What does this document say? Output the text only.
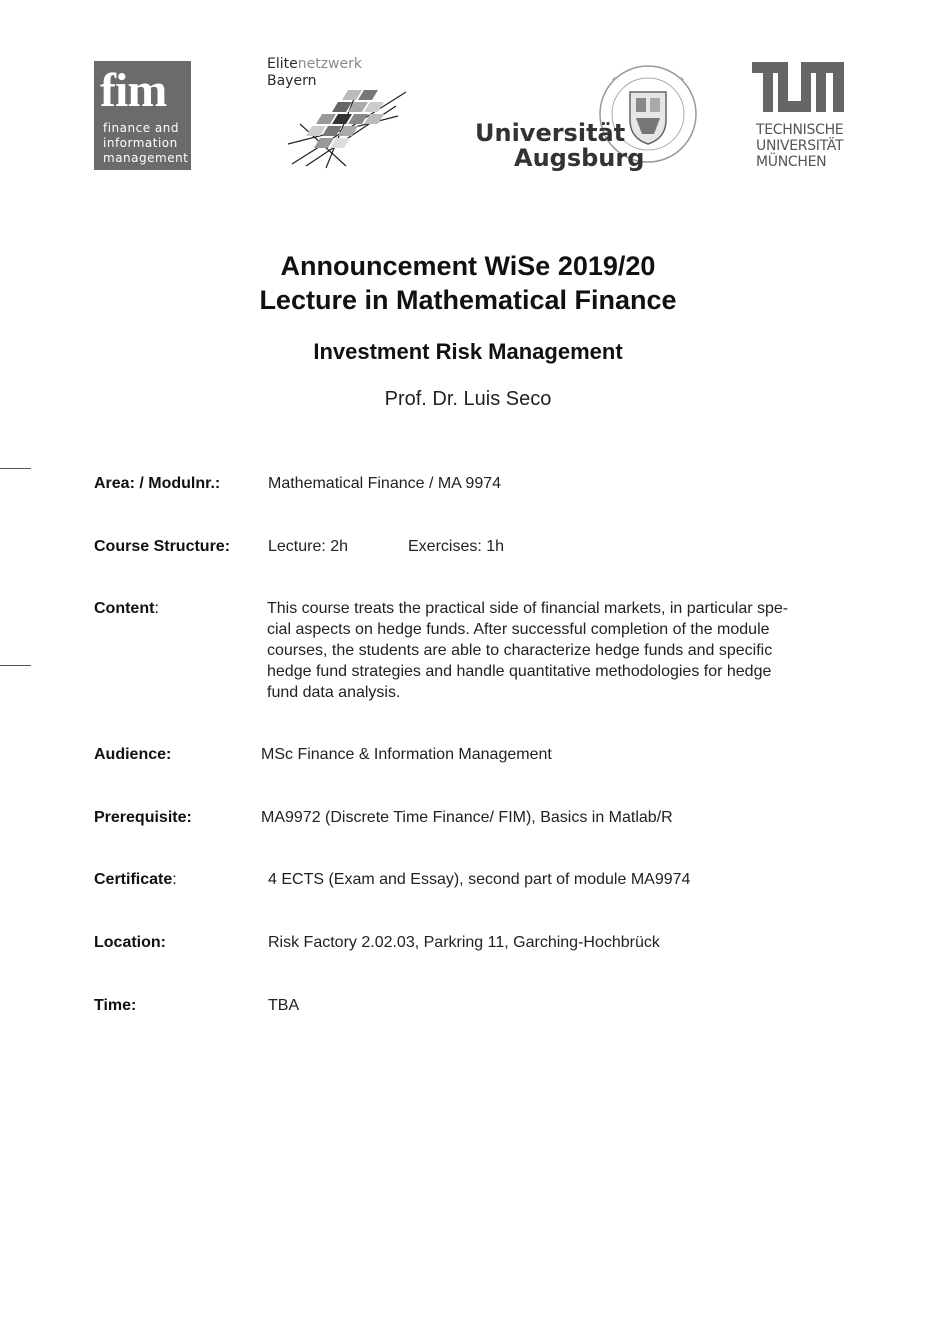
fim
finance and
information
management
Elitenetzwerk
Bayern
Universität
Augsburg
TECHNISCHE
UNIVERSITÄT
MÜNCHEN
Announcement WiSe 2019/20
Lecture in Mathematical Finance
Investment Risk Management
Prof. Dr. Luis Seco
Area: / Modulnr.:	Mathematical Finance / MA 9974
Course Structure: Lecture: 2h	Exercises: 1h
Content:	This course treats the practical side of financial markets, in particular spe-
cial aspects on hedge funds. After successful completion of the module
courses, the students are able to characterize hedge funds and specific
hedge fund strategies and handle quantitative methodologies for hedge
fund data analysis.
Audience:	MSc Finance & Information Management
Prerequisite:	MA9972 (Discrete Time Finance/ FIM), Basics in Matlab/R
Certificate:	4 ECTS (Exam and Essay), second part of module MA9974
Location:	Risk Factory 2.02.03, Parkring 11, Garching-Hochbrück
Time:	TBA
